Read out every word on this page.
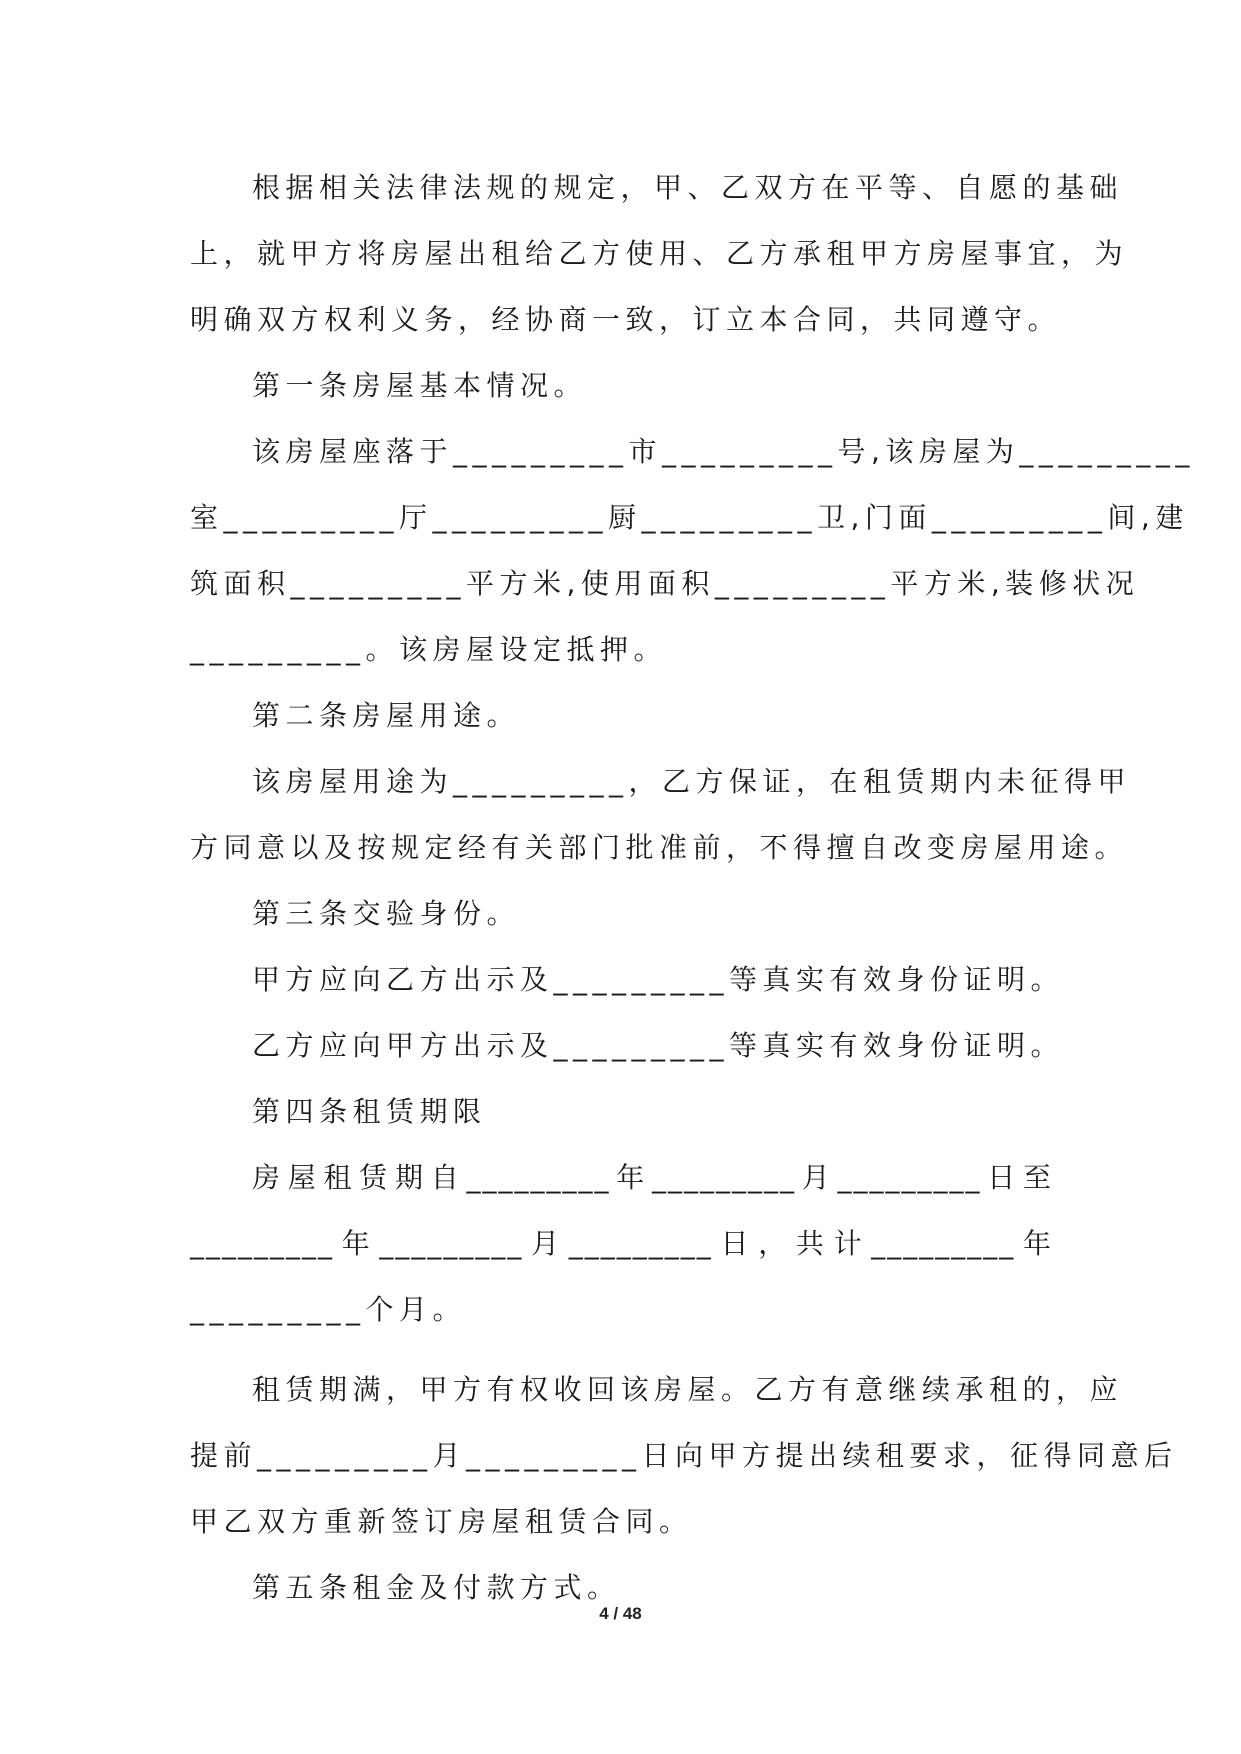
根据相关法律法规的规定，甲、乙双方在平等、自愿的基础
上，就甲方将房屋出租给乙方使用、乙方承租甲方房屋事宜，为
明确双方权利义务，经协商一致，订立本合同，共同遵守。
第一条房屋基本情况。
该房屋座落于_________市_________号,该房屋为_________
室_________厅_________厨_________卫,门面_________间,建
筑面积_________平方米,使用面积_________平方米,装修状况
_________。该房屋设定抵押。
第二条房屋用途。
该房屋用途为_________，乙方保证，在租赁期内未征得甲
方同意以及按规定经有关部门批准前，不得擅自改变房屋用途。
第三条交验身份。
甲方应向乙方出示及_________等真实有效身份证明。
乙方应向甲方出示及_________等真实有效身份证明。
第四条租赁期限
房屋租赁期自_________年_________月_________日至
_________年_________月_________日，共计_________年
_________个月。
租赁期满，甲方有权收回该房屋。乙方有意继续承租的，应
提前_________月_________日向甲方提出续租要求，征得同意后
甲乙双方重新签订房屋租赁合同。
第五条租金及付款方式。
4 / 48
